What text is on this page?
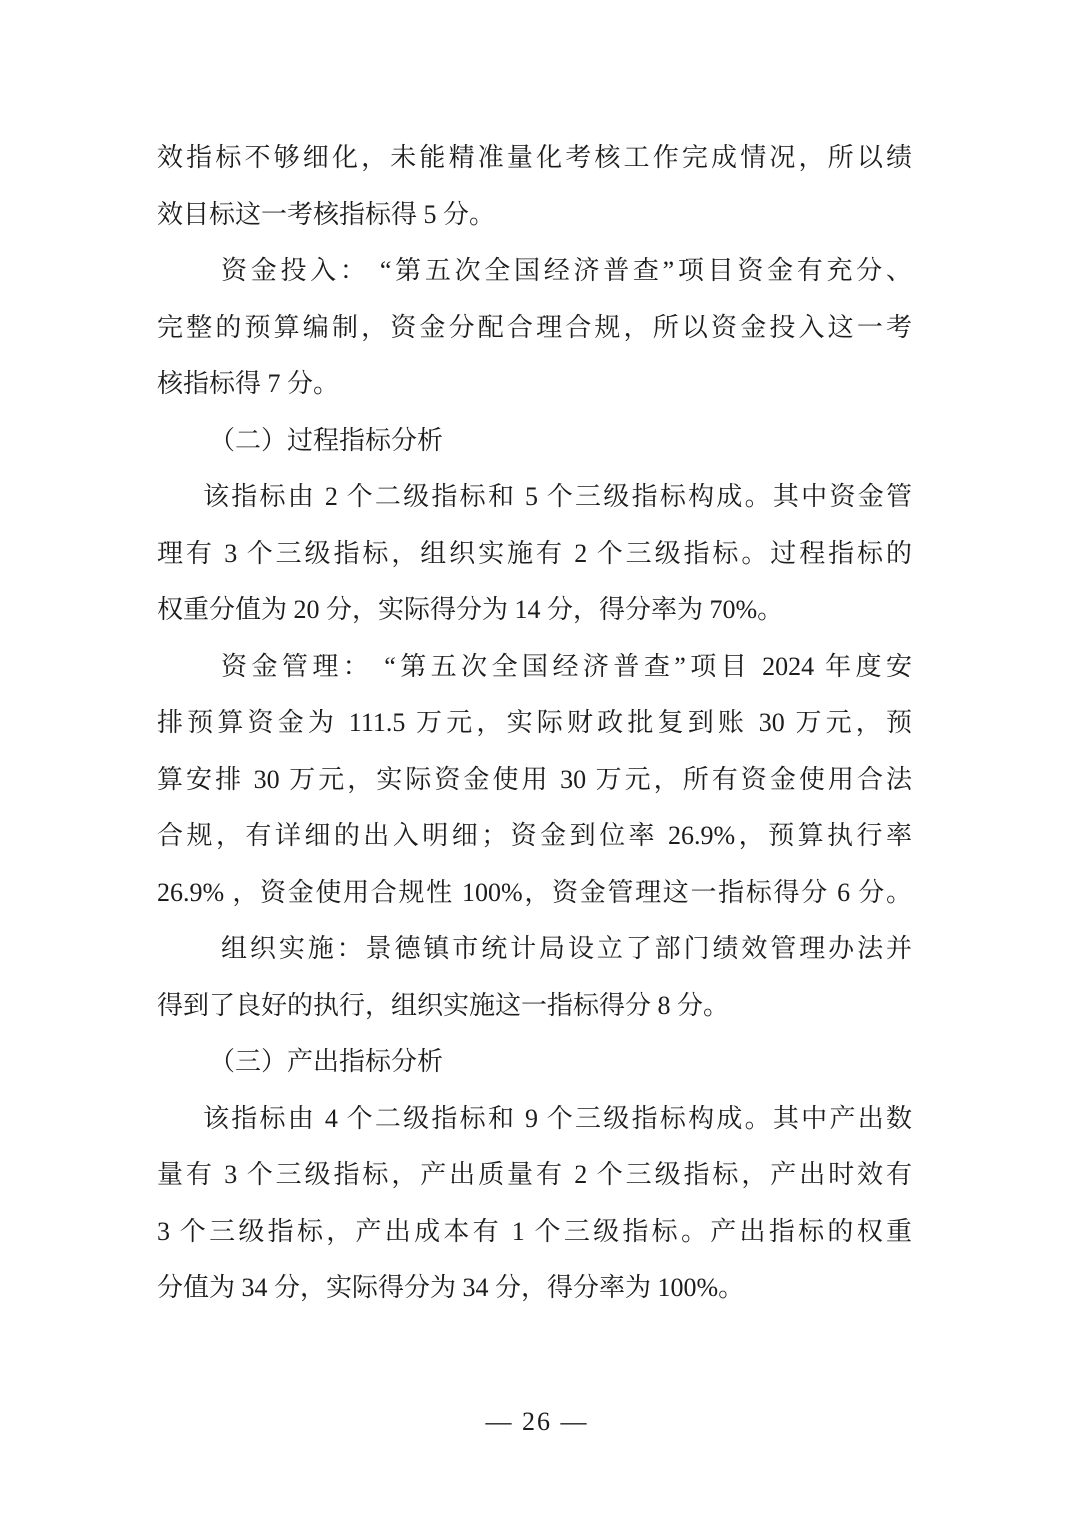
效指标不够细化，未能精准量化考核工作完成情况，所以绩
效目标这一考核指标得 5 分。
资金投入： “第五次全国经济普查”项目资金有充分、
完整的预算编制，资金分配合理合规，所以资金投入这一考
核指标得 7 分。
（二）过程指标分析
该指标由 2 个二级指标和 5 个三级指标构成。其中资金管
理有 3 个三级指标，组织实施有 2 个三级指标。过程指标的
权重分值为 20 分，实际得分为 14 分，得分率为 70%。
资金管理： “第五次全国经济普查”项目 2024 年度安
排预算资金为 111.5 万元，实际财政批复到账 30 万元，预
算安排 30 万元，实际资金使用 30 万元，所有资金使用合法
合规，有详细的出入明细；资金到位率 26.9%，预算执行率
26.9% ，资金使用合规性 100%，资金管理这一指标得分 6 分。
组织实施：景德镇市统计局设立了部门绩效管理办法并
得到了良好的执行，组织实施这一指标得分 8 分。
（三）产出指标分析
该指标由 4 个二级指标和 9 个三级指标构成。其中产出数
量有 3 个三级指标，产出质量有 2 个三级指标，产出时效有
3 个三级指标，产出成本有 1 个三级指标。产出指标的权重
分值为 34 分，实际得分为 34 分，得分率为 100%。
— 26 —
